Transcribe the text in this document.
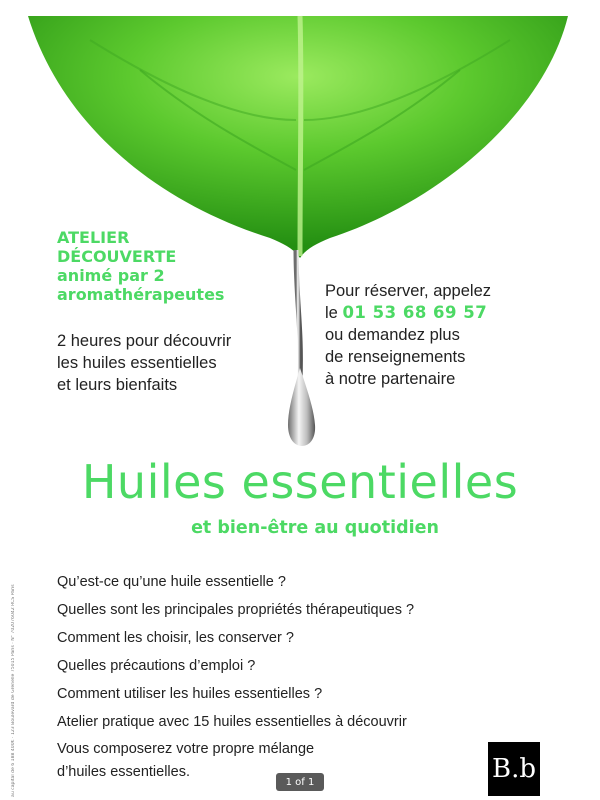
ATELIER
DÉCOUVERTE
animé par 2
aromathérapeutes
2 heures pour découvrir
les huiles essentielles
et leurs bienfaits
Pour réserver, appelez
le 01 53 68 69 57
ou demandez plus
de renseignements
à notre partenaire
Huiles essentielles
et bien-être au quotidien
Qu’est-ce qu’une huile essentielle ?
Quelles sont les principales propriétés thérapeutiques ?
Comment les choisir, les conserver ?
Quelles précautions d’emploi ?
Comment utiliser les huiles essentielles ?
Atelier pratique avec 15 huiles essentielles à découvrir
Vous composerez votre propre mélange
d’huiles essentielles.
au capital de 6 188 400€ · 123 Boulevard de Grenelle 75015 Paris · N° 702076042 RCS Paris	B.b
1 of 1
